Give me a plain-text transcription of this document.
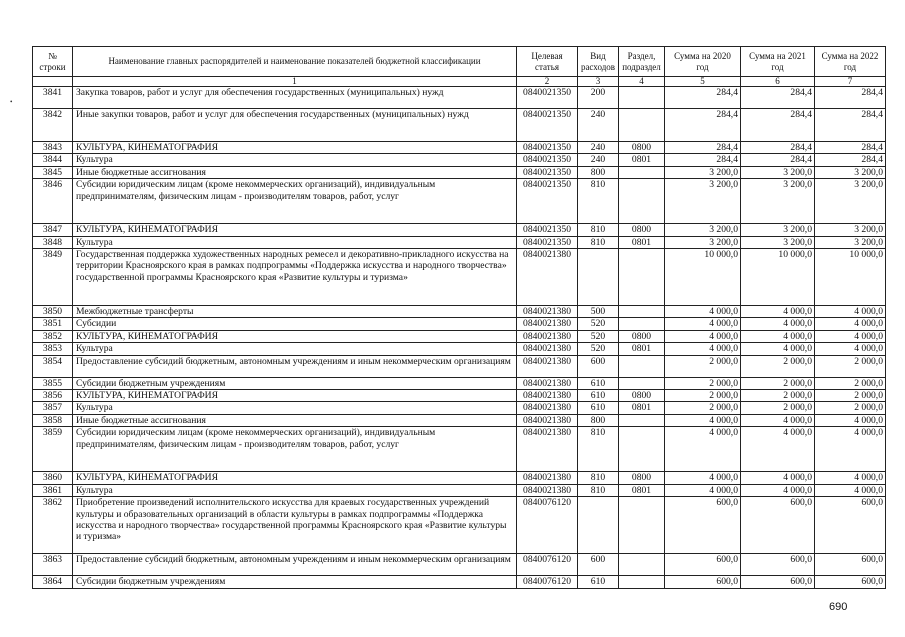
•
№ строки	Наименование главных распорядителей и наименование показателей бюджетной классификации	Целевая статья	Вид расходов	Раздел, подраздел	Сумма на 2020 год	Сумма на 2021 год	Сумма на 2022 год
	1	2	3	4	5	6	7
3841	Закупка товаров, работ и услуг для обеспечения государственных (муниципальных) нужд	0840021350	200		284,4	284,4	284,4
3842	Иные закупки товаров, работ и услуг для обеспечения государственных (муниципальных) нужд	0840021350	240		284,4	284,4	284,4
3843	КУЛЬТУРА, КИНЕМАТОГРАФИЯ	0840021350	240	0800	284,4	284,4	284,4
3844	Культура	0840021350	240	0801	284,4	284,4	284,4
3845	Иные бюджетные ассигнования	0840021350	800		3 200,0	3 200,0	3 200,0
3846	Субсидии юридическим лицам (кроме некоммерческих организаций), индивидуальным предпринимателям, физическим лицам - производителям товаров, работ, услуг	0840021350	810		3 200,0	3 200,0	3 200,0
3847	КУЛЬТУРА, КИНЕМАТОГРАФИЯ	0840021350	810	0800	3 200,0	3 200,0	3 200,0
3848	Культура	0840021350	810	0801	3 200,0	3 200,0	3 200,0
3849	Государственная поддержка художественных народных ремесел и декоративно-прикладного искусства на территории Красноярского края в рамках подпрограммы «Поддержка искусства и народного творчества» государственной программы Красноярского края «Развитие культуры и туризма»	0840021380			10 000,0	10 000,0	10 000,0
3850	Межбюджетные трансферты	0840021380	500		4 000,0	4 000,0	4 000,0
3851	Субсидии	0840021380	520		4 000,0	4 000,0	4 000,0
3852	КУЛЬТУРА, КИНЕМАТОГРАФИЯ	0840021380	520	0800	4 000,0	4 000,0	4 000,0
3853	Культура	0840021380	520	0801	4 000,0	4 000,0	4 000,0
3854	Предоставление субсидий бюджетным, автономным учреждениям и иным некоммерческим организациям	0840021380	600		2 000,0	2 000,0	2 000,0
3855	Субсидии бюджетным учреждениям	0840021380	610		2 000,0	2 000,0	2 000,0
3856	КУЛЬТУРА, КИНЕМАТОГРАФИЯ	0840021380	610	0800	2 000,0	2 000,0	2 000,0
3857	Культура	0840021380	610	0801	2 000,0	2 000,0	2 000,0
3858	Иные бюджетные ассигнования	0840021380	800		4 000,0	4 000,0	4 000,0
3859	Субсидии юридическим лицам (кроме некоммерческих организаций), индивидуальным предпринимателям, физическим лицам - производителям товаров, работ, услуг	0840021380	810		4 000,0	4 000,0	4 000,0
3860	КУЛЬТУРА, КИНЕМАТОГРАФИЯ	0840021380	810	0800	4 000,0	4 000,0	4 000,0
3861	Культура	0840021380	810	0801	4 000,0	4 000,0	4 000,0
3862	Приобретение произведений исполнительского искусства для краевых государственных учреждений культуры и образовательных организаций в области культуры в рамках подпрограммы «Поддержка искусства и народного творчества» государственной программы Красноярского края «Развитие культуры и туризма»	0840076120			600,0	600,0	600,0
3863	Предоставление субсидий бюджетным, автономным учреждениям и иным некоммерческим организациям	0840076120	600		600,0	600,0	600,0
3864	Субсидии бюджетным учреждениям	0840076120	610		600,0	600,0	600,0
690
